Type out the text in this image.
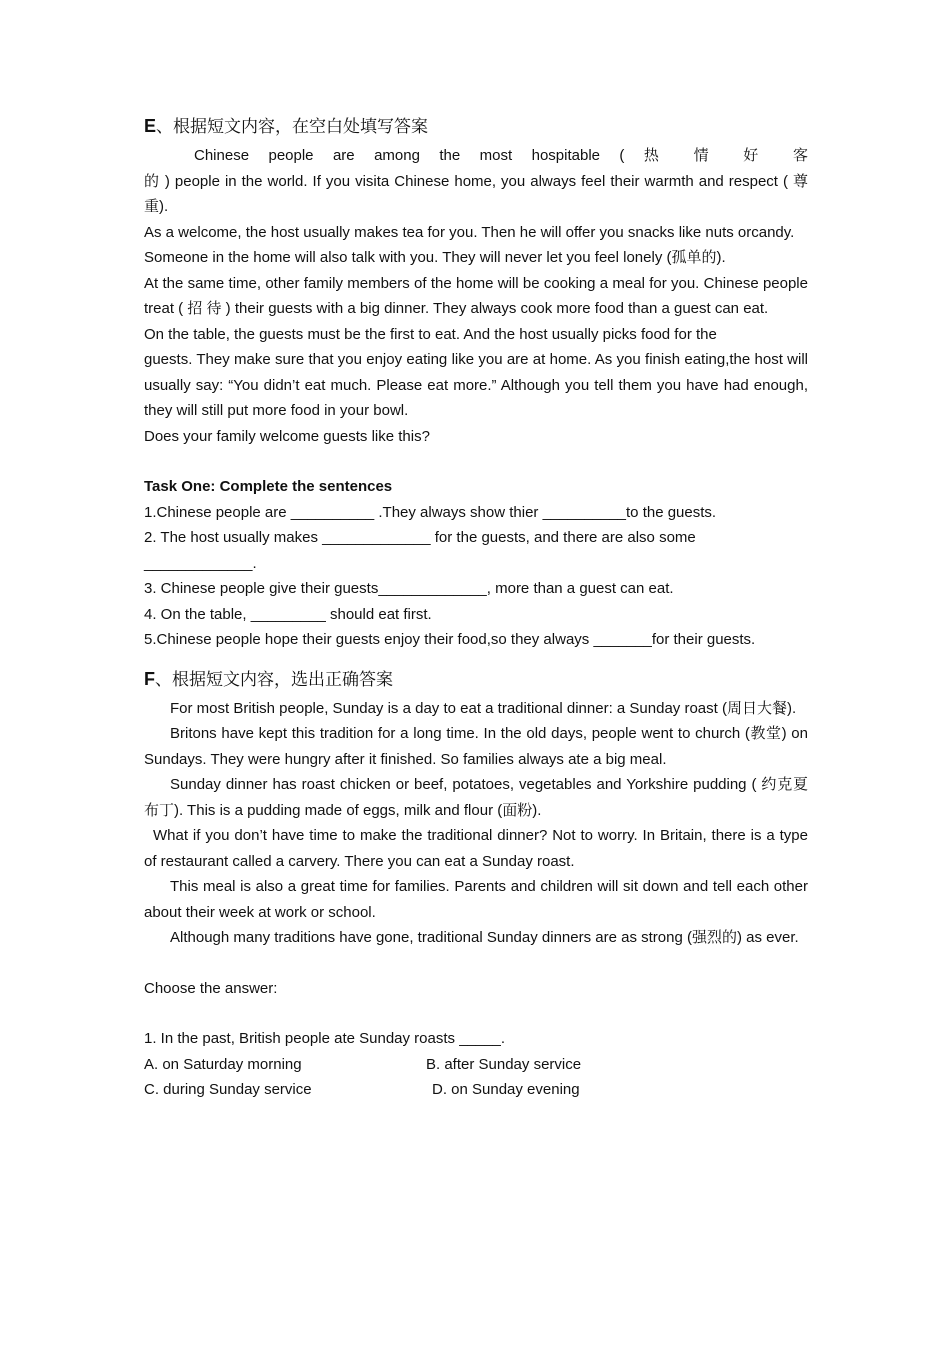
E、根据短文内容，在空白处填写答案

Chinese people are among the most hospitable ( 热 情 好 客

的 ) people in the world. If you visita Chinese home, you always feel their warmth and respect ( 尊 重).

As a welcome, the host usually makes tea for you. Then he will offer you snacks like nuts orcandy.

Someone in the home will also talk with you. They will never let you feel lonely (孤单的).

At the same time, other family members of the home will be cooking a meal for you. Chinese people treat ( 招 待 ) their guests with a big dinner. They always cook more food than a guest can eat.

On the table, the guests must be the first to eat. And the host usually picks food for the

guests. They make sure that you enjoy eating like you are at home. As you finish eating,the host will usually say: “You didn’t eat much. Please eat more.” Although you tell them you have had enough, they will still put more food in your bowl.

Does your family welcome guests like this?

Task One: Complete the sentences

1.Chinese people are __________ .They always show thier __________to the guests.

2. The host usually makes _____________ for the guests, and there are also some _____________.

3. Chinese people give their guests_____________, more than a guest can eat.

4. On the table, _________ should eat first.

5.Chinese people hope their guests enjoy their food,so they always _______for their guests.

F、根据短文内容，选出正确答案

For most British people, Sunday is a day to eat a traditional dinner: a Sunday roast (周日大餐).

Britons have kept this tradition for a long time. In the old days, people went to church (教堂) on Sundays. They were hungry after it finished. So families always ate a big meal.

Sunday dinner has roast chicken or beef, potatoes, vegetables and Yorkshire pudding ( 约克夏布丁). This is a pudding made of eggs, milk and flour (面粉).

What if you don’t have time to make the traditional dinner? Not to worry. In Britain, there is a type of restaurant called a carvery. There you can eat a Sunday roast.

This meal is also a great time for families. Parents and children will sit down and tell each other about their week at work or school.

Although many traditions have gone, traditional Sunday dinners are as strong (强烈的) as ever.

Choose the answer:

1. In the past, British people ate Sunday roasts _____.

A. on Saturday morning	B. after Sunday service
C. during Sunday service	D. on Sunday evening
